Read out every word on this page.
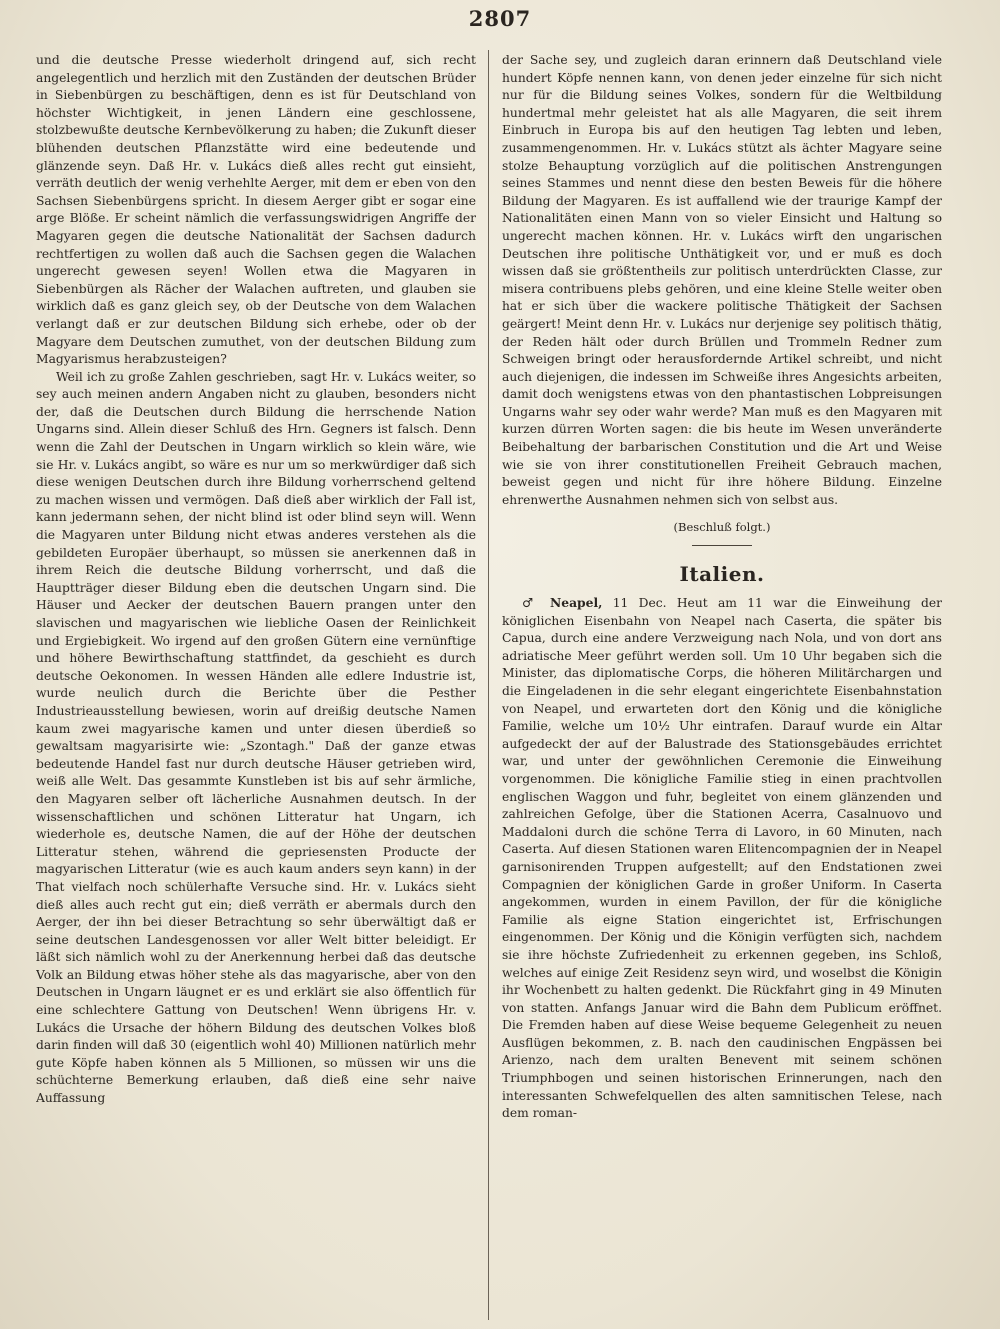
2807

und die deutsche Presse wiederholt dringend auf, sich recht angelegentlich und herzlich mit den Zuständen der deutschen Brüder in Siebenbürgen zu beschäftigen, denn es ist für Deutschland von höchster Wichtigkeit, in jenen Ländern eine geschlossene, stolzbewußte deutsche Kernbevölkerung zu haben; die Zukunft dieser blühenden deutschen Pflanzstätte wird eine bedeutende und glänzende seyn. Daß Hr. v. Lukács dieß alles recht gut einsieht, verräth deutlich der wenig verhehlte Aerger, mit dem er eben von den Sachsen Siebenbürgens spricht. In diesem Aerger gibt er sogar eine arge Blöße. Er scheint nämlich die verfassungswidrigen Angriffe der Magyaren gegen die deutsche Nationalität der Sachsen dadurch rechtfertigen zu wollen daß auch die Sachsen gegen die Walachen ungerecht gewesen seyen! Wollen etwa die Magyaren in Siebenbürgen als Rächer der Walachen auftreten, und glauben sie wirklich daß es ganz gleich sey, ob der Deutsche von dem Walachen verlangt daß er zur deutschen Bildung sich erhebe, oder ob der Magyare dem Deutschen zumuthet, von der deutschen Bildung zum Magyarismus herabzusteigen?

Weil ich zu große Zahlen geschrieben, sagt Hr. v. Lukács weiter, so sey auch meinen andern Angaben nicht zu glauben, besonders nicht der, daß die Deutschen durch Bildung die herrschende Nation Ungarns sind. Allein dieser Schluß des Hrn. Gegners ist falsch. Denn wenn die Zahl der Deutschen in Ungarn wirklich so klein wäre, wie sie Hr. v. Lukács angibt, so wäre es nur um so merkwürdiger daß sich diese wenigen Deutschen durch ihre Bildung vorherrschend geltend zu machen wissen und vermögen. Daß dieß aber wirklich der Fall ist, kann jedermann sehen, der nicht blind ist oder blind seyn will. Wenn die Magyaren unter Bildung nicht etwas anderes verstehen als die gebildeten Europäer überhaupt, so müssen sie anerkennen daß in ihrem Reich die deutsche Bildung vorherrscht, und daß die Hauptträger dieser Bildung eben die deutschen Ungarn sind. Die Häuser und Aecker der deutschen Bauern prangen unter den slavischen und magyarischen wie liebliche Oasen der Reinlichkeit und Ergiebigkeit. Wo irgend auf den großen Gütern eine vernünftige und höhere Bewirthschaftung stattfindet, da geschieht es durch deutsche Oekonomen. In wessen Händen alle edlere Industrie ist, wurde neulich durch die Berichte über die Pesther Industrieausstellung bewiesen, worin auf dreißig deutsche Namen kaum zwei magyarische kamen und unter diesen überdieß so gewaltsam magyarisirte wie: „Szontagh." Daß der ganze etwas bedeutende Handel fast nur durch deutsche Häuser getrieben wird, weiß alle Welt. Das gesammte Kunstleben ist bis auf sehr ärmliche, den Magyaren selber oft lächerliche Ausnahmen deutsch. In der wissenschaftlichen und schönen Litteratur hat Ungarn, ich wiederhole es, deutsche Namen, die auf der Höhe der deutschen Litteratur stehen, während die gepriesensten Producte der magyarischen Litteratur (wie es auch kaum anders seyn kann) in der That vielfach noch schülerhafte Versuche sind. Hr. v. Lukács sieht dieß alles auch recht gut ein; dieß verräth er abermals durch den Aerger, der ihn bei dieser Betrachtung so sehr überwältigt daß er seine deutschen Landesgenossen vor aller Welt bitter beleidigt. Er läßt sich nämlich wohl zu der Anerkennung herbei daß das deutsche Volk an Bildung etwas höher stehe als das magyarische, aber von den Deutschen in Ungarn läugnet er es und erklärt sie also öffentlich für eine schlechtere Gattung von Deutschen! Wenn übrigens Hr. v. Lukács die Ursache der höhern Bildung des deutschen Volkes bloß darin finden will daß 30 (eigentlich wohl 40) Millionen natürlich mehr gute Köpfe haben können als 5 Millionen, so müssen wir uns die schüchterne Bemerkung erlauben, daß dieß eine sehr naive Auffassung

der Sache sey, und zugleich daran erinnern daß Deutschland viele hundert Köpfe nennen kann, von denen jeder einzelne für sich nicht nur für die Bildung seines Volkes, sondern für die Weltbildung hundertmal mehr geleistet hat als alle Magyaren, die seit ihrem Einbruch in Europa bis auf den heutigen Tag lebten und leben, zusammengenommen. Hr. v. Lukács stützt als ächter Magyare seine stolze Behauptung vorzüglich auf die politischen Anstrengungen seines Stammes und nennt diese den besten Beweis für die höhere Bildung der Magyaren. Es ist auffallend wie der traurige Kampf der Nationalitäten einen Mann von so vieler Einsicht und Haltung so ungerecht machen können. Hr. v. Lukács wirft den ungarischen Deutschen ihre politische Unthätigkeit vor, und er muß es doch wissen daß sie größtentheils zur politisch unterdrückten Classe, zur misera contribuens plebs gehören, und eine kleine Stelle weiter oben hat er sich über die wackere politische Thätigkeit der Sachsen geärgert! Meint denn Hr. v. Lukács nur derjenige sey politisch thätig, der Reden hält oder durch Brüllen und Trommeln Redner zum Schweigen bringt oder herausfordernde Artikel schreibt, und nicht auch diejenigen, die indessen im Schweiße ihres Angesichts arbeiten, damit doch wenigstens etwas von den phantastischen Lobpreisungen Ungarns wahr sey oder wahr werde? Man muß es den Magyaren mit kurzen dürren Worten sagen: die bis heute im Wesen unveränderte Beibehaltung der barbarischen Constitution und die Art und Weise wie sie von ihrer constitutionellen Freiheit Gebrauch machen, beweist gegen und nicht für ihre höhere Bildung. Einzelne ehrenwerthe Ausnahmen nehmen sich von selbst aus.

(Beschluß folgt.)
Italien.

♂ Neapel, 11 Dec. Heut am 11 war die Einweihung der königlichen Eisenbahn von Neapel nach Caserta, die später bis Capua, durch eine andere Verzweigung nach Nola, und von dort ans adriatische Meer geführt werden soll. Um 10 Uhr begaben sich die Minister, das diplomatische Corps, die höheren Militärchargen und die Eingeladenen in die sehr elegant eingerichtete Eisenbahnstation von Neapel, und erwarteten dort den König und die königliche Familie, welche um 10½ Uhr eintrafen. Darauf wurde ein Altar aufgedeckt der auf der Balustrade des Stationsgebäudes errichtet war, und unter der gewöhnlichen Ceremonie die Einweihung vorgenommen. Die königliche Familie stieg in einen prachtvollen englischen Waggon und fuhr, begleitet von einem glänzenden und zahlreichen Gefolge, über die Stationen Acerra, Casalnuovo und Maddaloni durch die schöne Terra di Lavoro, in 60 Minuten, nach Caserta. Auf diesen Stationen waren Elitencompagnien der in Neapel garnisonirenden Truppen aufgestellt; auf den Endstationen zwei Compagnien der königlichen Garde in großer Uniform. In Caserta angekommen, wurden in einem Pavillon, der für die königliche Familie als eigne Station eingerichtet ist, Erfrischungen eingenommen. Der König und die Königin verfügten sich, nachdem sie ihre höchste Zufriedenheit zu erkennen gegeben, ins Schloß, welches auf einige Zeit Residenz seyn wird, und woselbst die Königin ihr Wochenbett zu halten gedenkt. Die Rückfahrt ging in 49 Minuten von statten. Anfangs Januar wird die Bahn dem Publicum eröffnet. Die Fremden haben auf diese Weise bequeme Gelegenheit zu neuen Ausflügen bekommen, z. B. nach den caudinischen Engpässen bei Arienzo, nach dem uralten Benevent mit seinem schönen Triumphbogen und seinen historischen Erinnerungen, nach den interessanten Schwefelquellen des alten samnitischen Telese, nach dem roman-
